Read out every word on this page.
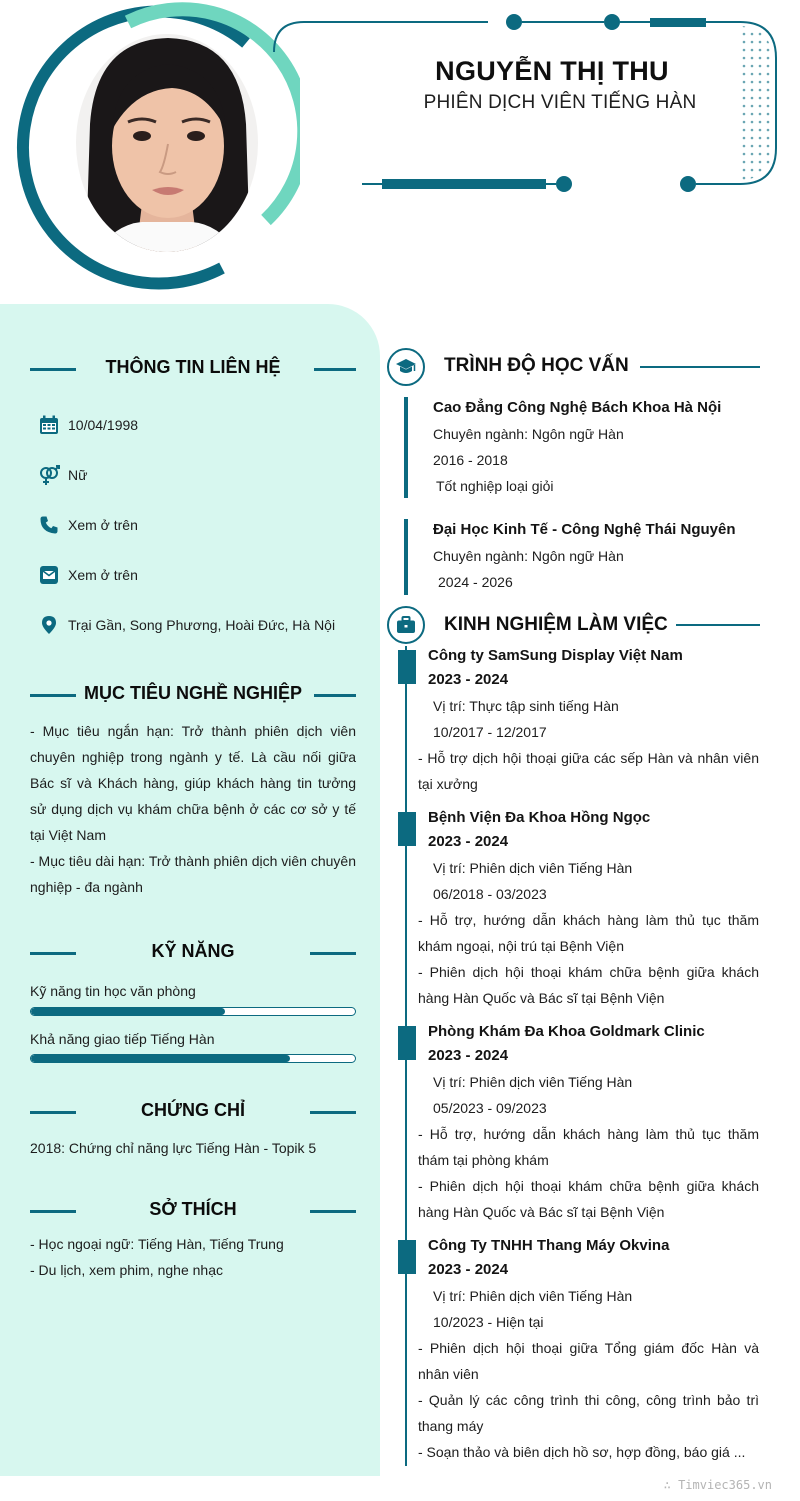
NGUYỄN THỊ THU
PHIÊN DỊCH VIÊN TIẾNG HÀN
THÔNG TIN LIÊN HỆ
10/04/1998
Nữ
Xem ở trên
Xem ở trên
Trại Gần, Song Phương, Hoài Đức, Hà Nội
MỤC TIÊU NGHỀ NGHIỆP
- Mục tiêu ngắn hạn: Trở thành phiên dịch viên chuyên nghiệp trong ngành y tế. Là cầu nối giữa Bác sĩ và Khách hàng, giúp khách hàng tin tưởng sử dụng dịch vụ khám chữa bệnh ở các cơ sở y tế tại Việt Nam
- Mục tiêu dài hạn: Trở thành phiên dịch viên chuyên nghiệp - đa ngành
KỸ NĂNG
Kỹ năng tin học văn phòng
Khả năng giao tiếp Tiếng Hàn
CHỨNG CHỈ
2018: Chứng chỉ năng lực Tiếng Hàn - Topik 5
SỞ THÍCH
- Học ngoại ngữ: Tiếng Hàn, Tiếng Trung
- Du lịch, xem phim, nghe nhạc
TRÌNH ĐỘ HỌC VẤN
Cao Đẳng Công Nghệ Bách Khoa Hà Nội
Chuyên ngành: Ngôn ngữ Hàn
2016 - 2018
Tốt nghiệp loại giỏi
Đại Học Kinh Tế - Công Nghệ Thái Nguyên
Chuyên ngành: Ngôn ngữ Hàn
2024 - 2026
KINH NGHIỆM LÀM VIỆC
Công ty SamSung Display Việt Nam
2023 - 2024
Vị trí: Thực tập sinh tiếng Hàn
10/2017 - 12/2017
- Hỗ trợ dịch hội thoại giữa các sếp Hàn và nhân viên tại xưởng
Bệnh Viện Đa Khoa Hồng Ngọc
2023 - 2024
Vị trí: Phiên dịch viên Tiếng Hàn
06/2018 - 03/2023
- Hỗ trợ, hướng dẫn khách hàng làm thủ tục thăm khám ngoại, nội trú tại Bệnh Viện
- Phiên dịch hội thoại khám chữa bệnh giữa khách hàng Hàn Quốc và Bác sĩ tại Bệnh Viện
Phòng Khám Đa Khoa Goldmark Clinic
2023 - 2024
Vị trí: Phiên dịch viên Tiếng Hàn
05/2023 - 09/2023
- Hỗ trợ, hướng dẫn khách hàng làm thủ tục thăm thám tại phòng khám
- Phiên dịch hội thoại khám chữa bệnh giữa khách hàng Hàn Quốc và Bác sĩ tại Bệnh Viện
Công Ty TNHH Thang Máy Okvina
2023 - 2024
Vị trí: Phiên dịch viên Tiếng Hàn
10/2023 - Hiện tại
- Phiên dịch hội thoại giữa Tổng giám đốc Hàn và nhân viên
- Quản lý các công trình thi công, công trình bảo trì thang máy
- Soạn thảo và biên dịch hồ sơ, hợp đồng, báo giá ...
∴ Timviec365.vn
